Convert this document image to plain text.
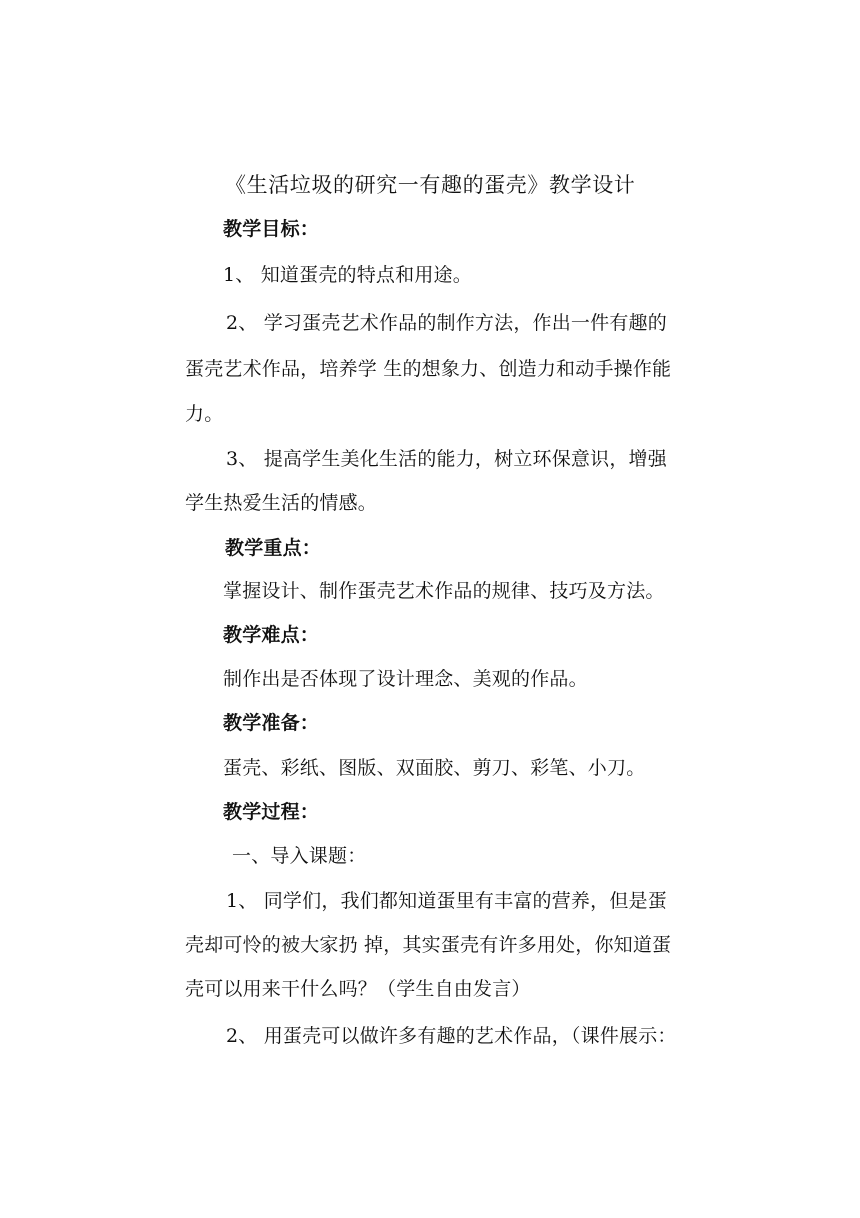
《生活垃圾的研究一有趣的蛋壳》教学设计
教学目标：
1、 知道蛋壳的特点和用途。
2、 学习蛋壳艺术作品的制作方法，作出一件有趣的
蛋壳艺术作品，培养学 生的想象力、创造力和动手操作能
力。
3、 提高学生美化生活的能力，树立环保意识，增强
学生热爱生活的情感。
教学重点：
掌握设计、制作蛋壳艺术作品的规律、技巧及方法。
教学难点：
制作出是否体现了设计理念、美观的作品。
教学准备：
蛋壳、彩纸、图版、双面胶、剪刀、彩笔、小刀。
教学过程：
一、导入课题：
1、 同学们，我们都知道蛋里有丰富的营养，但是蛋
壳却可怜的被大家扔 掉，其实蛋壳有许多用处，你知道蛋
壳可以用来干什么吗？（学生自由发言）
2、 用蛋壳可以做许多有趣的艺术作品，（课件展示：
